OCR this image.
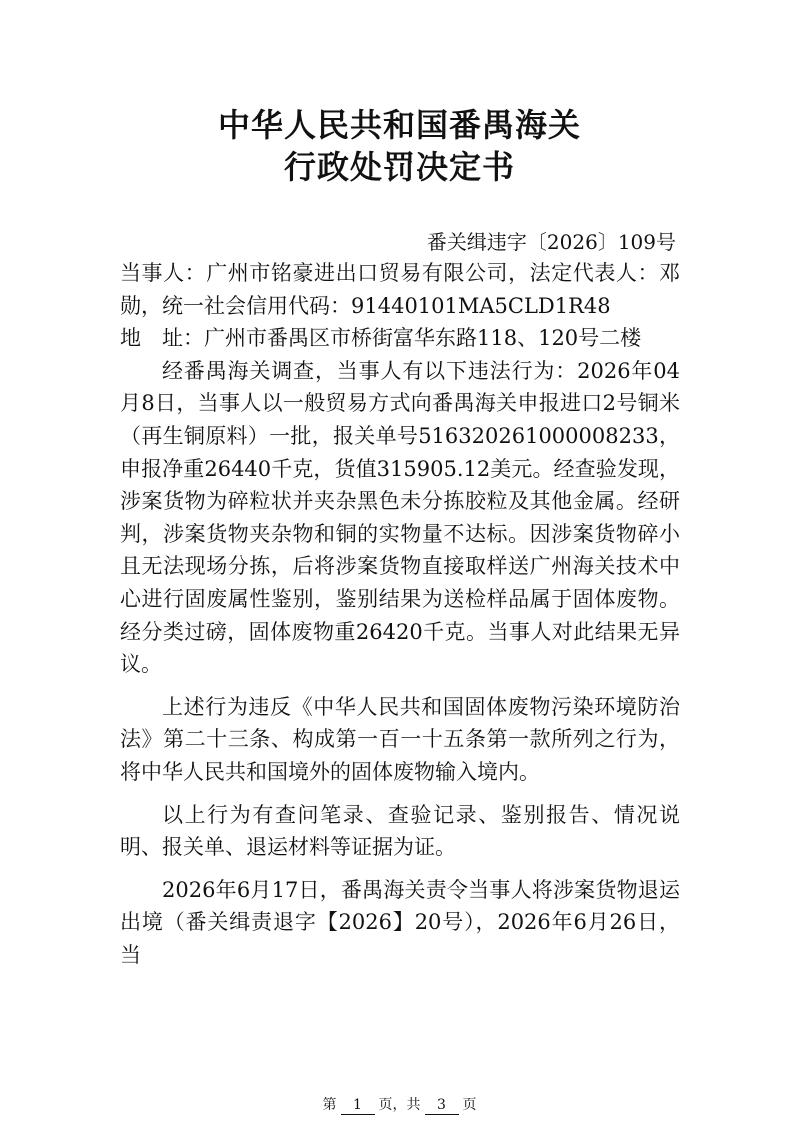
中华人民共和国番禺海关
行政处罚决定书
番关缉违字〔2026〕109号

当事人：广州市铭豪进出口贸易有限公司，法定代表人：邓勋，统一社会信用代码：91440101MA5CLD1R48

地　址：广州市番禺区市桥街富华东路118、120号二楼

经番禺海关调查，当事人有以下违法行为：2026年04月8日，当事人以一般贸易方式向番禺海关申报进口2号铜米（再生铜原料）一批，报关单号516320261000008233，申报净重26440千克，货值315905.12美元。经查验发现，涉案货物为碎粒状并夹杂黑色未分拣胶粒及其他金属。经研判，涉案货物夹杂物和铜的实物量不达标。因涉案货物碎小且无法现场分拣，后将涉案货物直接取样送广州海关技术中心进行固废属性鉴别，鉴别结果为送检样品属于固体废物。经分类过磅，固体废物重26420千克。当事人对此结果无异议。

上述行为违反《中华人民共和国固体废物污染环境防治法》第二十三条、构成第一百一十五条第一款所列之行为，将中华人民共和国境外的固体废物输入境内。

以上行为有查问笔录、查验记录、鉴别报告、情况说明、报关单、退运材料等证据为证。

2026年6月17日，番禺海关责令当事人将涉案货物退运出境（番关缉责退字【2026】20号），2026年6月26日，当

第 1 页，共 3 页
